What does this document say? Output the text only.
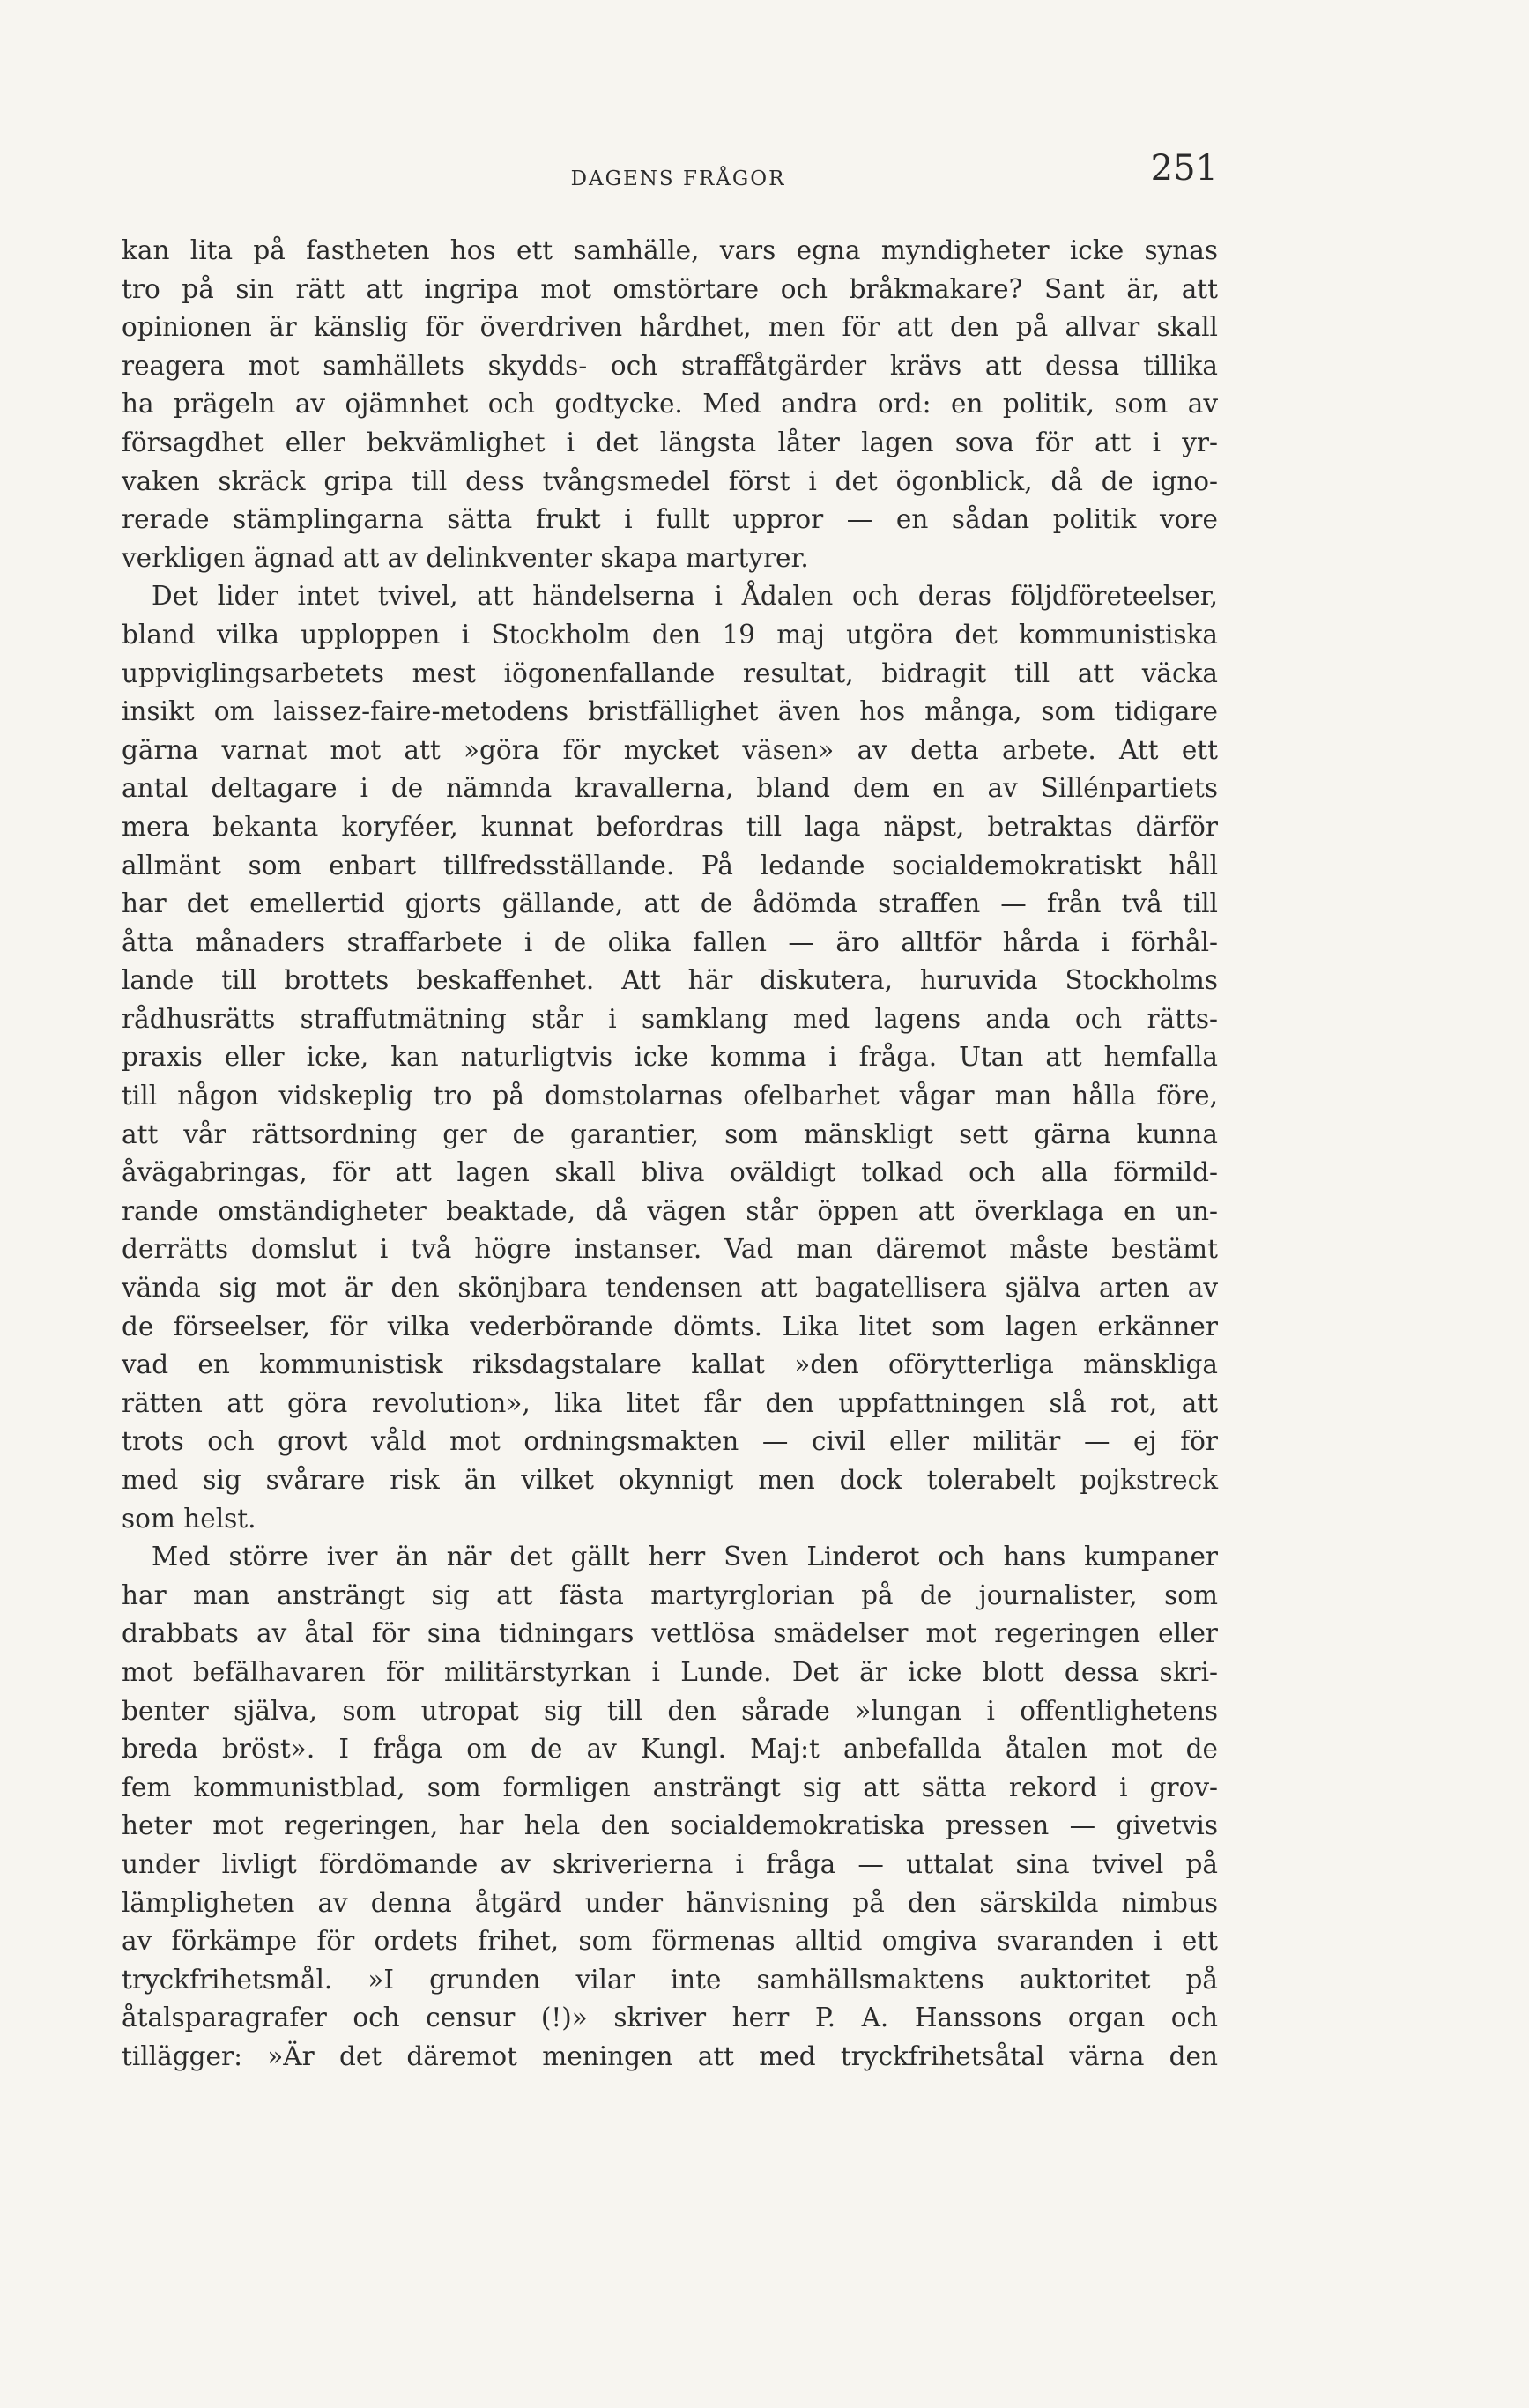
DAGENS FRÅGOR	251
kan lita på fastheten hos ett samhälle, vars egna myndigheter icke synas
tro på sin rätt att ingripa mot omstörtare och bråkmakare? Sant är, att
opinionen är känslig för överdriven hårdhet, men för att den på allvar skall
reagera mot samhällets skydds- och straffåtgärder krävs att dessa tillika
ha prägeln av ojämnhet och godtycke. Med andra ord: en politik, som av
försagdhet eller bekvämlighet i det längsta låter lagen sova för att i yr-
vaken skräck gripa till dess tvångsmedel först i det ögonblick, då de igno-
rerade stämplingarna sätta frukt i fullt uppror — en sådan politik vore
verkligen ägnad att av delinkventer skapa martyrer.
Det lider intet tvivel, att händelserna i Ådalen och deras följdföreteelser,
bland vilka upploppen i Stockholm den 19 maj utgöra det kommunistiska
uppviglingsarbetets mest iögonenfallande resultat, bidragit till att väcka
insikt om laissez-faire-metodens bristfällighet även hos många, som tidigare
gärna varnat mot att »göra för mycket väsen» av detta arbete. Att ett
antal deltagare i de nämnda kravallerna, bland dem en av Sillénpartiets
mera bekanta koryféer, kunnat befordras till laga näpst, betraktas därför
allmänt som enbart tillfredsställande. På ledande socialdemokratiskt håll
har det emellertid gjorts gällande, att de ådömda straffen — från två till
åtta månaders straffarbete i de olika fallen — äro alltför hårda i förhål-
lande till brottets beskaffenhet. Att här diskutera, huruvida Stockholms
rådhusrätts straffutmätning står i samklang med lagens anda och rätts-
praxis eller icke, kan naturligtvis icke komma i fråga. Utan att hemfalla
till någon vidskeplig tro på domstolarnas ofelbarhet vågar man hålla före,
att vår rättsordning ger de garantier, som mänskligt sett gärna kunna
åvägabringas, för att lagen skall bliva oväldigt tolkad och alla förmild-
rande omständigheter beaktade, då vägen står öppen att överklaga en un-
derrätts domslut i två högre instanser. Vad man däremot måste bestämt
vända sig mot är den skönjbara tendensen att bagatellisera själva arten av
de förseelser, för vilka vederbörande dömts. Lika litet som lagen erkänner
vad en kommunistisk riksdagstalare kallat »den oförytterliga mänskliga
rätten att göra revolution», lika litet får den uppfattningen slå rot, att
trots och grovt våld mot ordningsmakten — civil eller militär — ej för
med sig svårare risk än vilket okynnigt men dock tolerabelt pojkstreck
som helst.
Med större iver än när det gällt herr Sven Linderot och hans kumpaner
har man ansträngt sig att fästa martyrglorian på de journalister, som
drabbats av åtal för sina tidningars vettlösa smädelser mot regeringen eller
mot befälhavaren för militärstyrkan i Lunde. Det är icke blott dessa skri-
benter själva, som utropat sig till den sårade »lungan i offentlighetens
breda bröst». I fråga om de av Kungl. Maj:t anbefallda åtalen mot de
fem kommunistblad, som formligen ansträngt sig att sätta rekord i grov-
heter mot regeringen, har hela den socialdemokratiska pressen — givetvis
under livligt fördömande av skriverierna i fråga — uttalat sina tvivel på
lämpligheten av denna åtgärd under hänvisning på den särskilda nimbus
av förkämpe för ordets frihet, som förmenas alltid omgiva svaranden i ett
tryckfrihetsmål. »I grunden vilar inte samhällsmaktens auktoritet på
åtalsparagrafer och censur (!)» skriver herr P. A. Hanssons organ och
tillägger: »Är det däremot meningen att med tryckfrihetsåtal värna den
